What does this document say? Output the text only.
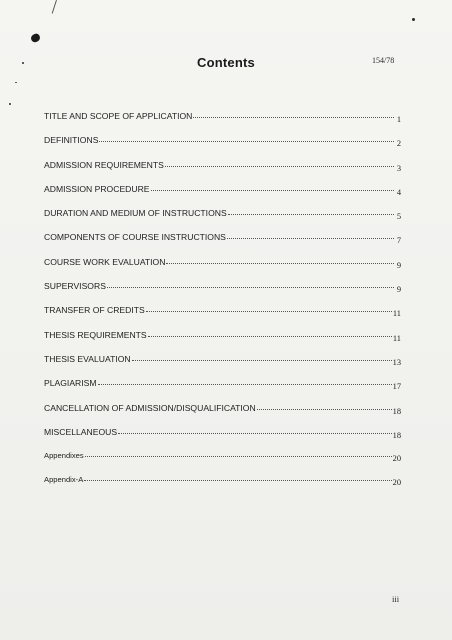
Contents	154/78
TITLE AND SCOPE OF APPLICATION	1
DEFINITIONS	2
ADMISSION REQUIREMENTS	3
ADMISSION PROCEDURE	4
DURATION AND MEDIUM OF INSTRUCTIONS	5
COMPONENTS OF COURSE INSTRUCTIONS	7
COURSE WORK EVALUATION	9
SUPERVISORS	9
TRANSFER OF CREDITS	11
THESIS REQUIREMENTS	11
THESIS EVALUATION	13
PLAGIARISM	17
CANCELLATION OF ADMISSION/DISQUALIFICATION	18
MISCELLANEOUS	18
Appendixes	20
Appendix-A	20
iii
